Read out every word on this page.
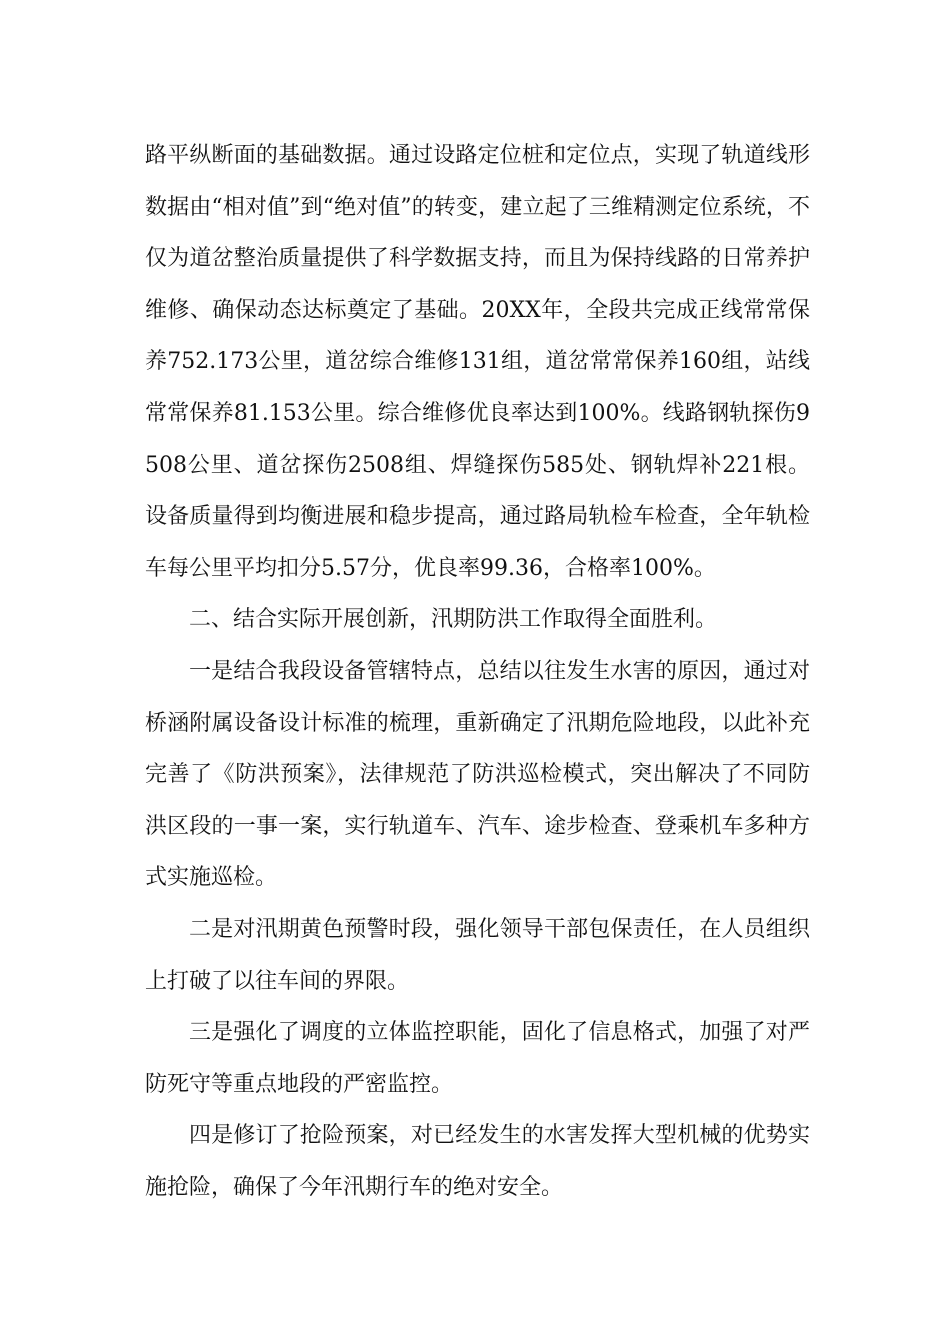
路平纵断面的基础数据。通过设路定位桩和定位点，实现了轨道线形数据由“相对值”到“绝对值”的转变，建立起了三维精测定位系统，不仅为道岔整治质量提供了科学数据支持，而且为保持线路的日常养护维修、确保动态达标奠定了基础。20XX年，全段共完成正线常常保养752.173公里，道岔综合维修131组，道岔常常保养160组，站线常常保养81.153公里。综合维修优良率达到100%。线路钢轨探伤9508公里、道岔探伤2508组、焊缝探伤585处、钢轨焊补221根。设备质量得到均衡进展和稳步提高，通过路局轨检车检查，全年轨检车每公里平均扣分5.57分，优良率99.36，合格率100%。

二、结合实际开展创新，汛期防洪工作取得全面胜利。

一是结合我段设备管辖特点，总结以往发生水害的原因，通过对桥涵附属设备设计标准的梳理，重新确定了汛期危险地段，以此补充完善了《防洪预案》，法律规范了防洪巡检模式，突出解决了不同防洪区段的一事一案，实行轨道车、汽车、途步检查、登乘机车多种方式实施巡检。

二是对汛期黄色预警时段，强化领导干部包保责任，在人员组织上打破了以往车间的界限。

三是强化了调度的立体监控职能，固化了信息格式，加强了对严防死守等重点地段的严密监控。

四是修订了抢险预案，对已经发生的水害发挥大型机械的优势实施抢险，确保了今年汛期行车的绝对安全。
